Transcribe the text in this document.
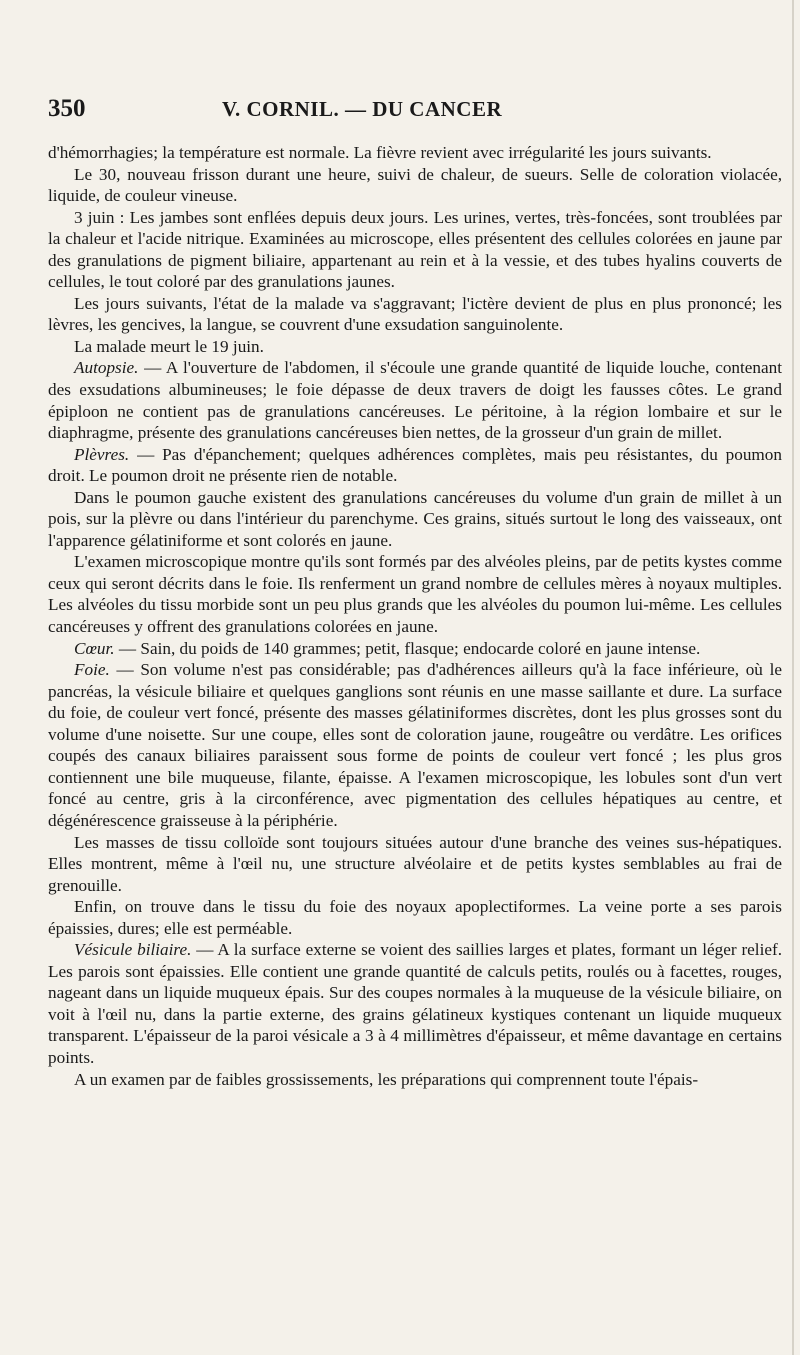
350	V. CORNIL. — DU CANCER

d'hémorrhagies; la température est normale. La fièvre revient avec irrégularité les jours suivants.

Le 30, nouveau frisson durant une heure, suivi de chaleur, de sueurs. Selle de coloration violacée, liquide, de couleur vineuse.

3 juin : Les jambes sont enflées depuis deux jours. Les urines, vertes, très-foncées, sont troublées par la chaleur et l'acide nitrique. Examinées au microscope, elles présentent des cellules colorées en jaune par des granulations de pigment biliaire, appartenant au rein et à la vessie, et des tubes hyalins couverts de cellules, le tout coloré par des granulations jaunes.

Les jours suivants, l'état de la malade va s'aggravant; l'ictère devient de plus en plus prononcé; les lèvres, les gencives, la langue, se couvrent d'une exsudation sanguinolente.

La malade meurt le 19 juin.

Autopsie. — A l'ouverture de l'abdomen, il s'écoule une grande quantité de liquide louche, contenant des exsudations albumineuses; le foie dépasse de deux travers de doigt les fausses côtes. Le grand épiploon ne contient pas de granulations cancéreuses. Le péritoine, à la région lombaire et sur le diaphragme, présente des granulations cancéreuses bien nettes, de la grosseur d'un grain de millet.

Plèvres. — Pas d'épanchement; quelques adhérences complètes, mais peu résistantes, du poumon droit. Le poumon droit ne présente rien de notable.

Dans le poumon gauche existent des granulations cancéreuses du volume d'un grain de millet à un pois, sur la plèvre ou dans l'intérieur du parenchyme. Ces grains, situés surtout le long des vaisseaux, ont l'apparence gélatiniforme et sont colorés en jaune.

L'examen microscopique montre qu'ils sont formés par des alvéoles pleins, par de petits kystes comme ceux qui seront décrits dans le foie. Ils renferment un grand nombre de cellules mères à noyaux multiples. Les alvéoles du tissu morbide sont un peu plus grands que les alvéoles du poumon lui-même. Les cellules cancéreuses y offrent des granulations colorées en jaune.

Cœur. — Sain, du poids de 140 grammes; petit, flasque; endocarde coloré en jaune intense.

Foie. — Son volume n'est pas considérable; pas d'adhérences ailleurs qu'à la face inférieure, où le pancréas, la vésicule biliaire et quelques ganglions sont réunis en une masse saillante et dure. La surface du foie, de couleur vert foncé, présente des masses gélatiniformes discrètes, dont les plus grosses sont du volume d'une noisette. Sur une coupe, elles sont de coloration jaune, rougeâtre ou verdâtre. Les orifices coupés des canaux biliaires paraissent sous forme de points de couleur vert foncé ; les plus gros contiennent une bile muqueuse, filante, épaisse. A l'examen microscopique, les lobules sont d'un vert foncé au centre, gris à la circonférence, avec pigmentation des cellules hépatiques au centre, et dégénérescence graisseuse à la périphérie.

Les masses de tissu colloïde sont toujours situées autour d'une branche des veines sus-hépatiques. Elles montrent, même à l'œil nu, une structure alvéolaire et de petits kystes semblables au frai de grenouille.

Enfin, on trouve dans le tissu du foie des noyaux apoplectiformes. La veine porte a ses parois épaissies, dures; elle est perméable.

Vésicule biliaire. — A la surface externe se voient des saillies larges et plates, formant un léger relief. Les parois sont épaissies. Elle contient une grande quantité de calculs petits, roulés ou à facettes, rouges, nageant dans un liquide muqueux épais. Sur des coupes normales à la muqueuse de la vésicule biliaire, on voit à l'œil nu, dans la partie externe, des grains gélatineux kystiques contenant un liquide muqueux transparent. L'épaisseur de la paroi vésicale a 3 à 4 millimètres d'épaisseur, et même davantage en certains points.

A un examen par de faibles grossissements, les préparations qui comprennent toute l'épais-
